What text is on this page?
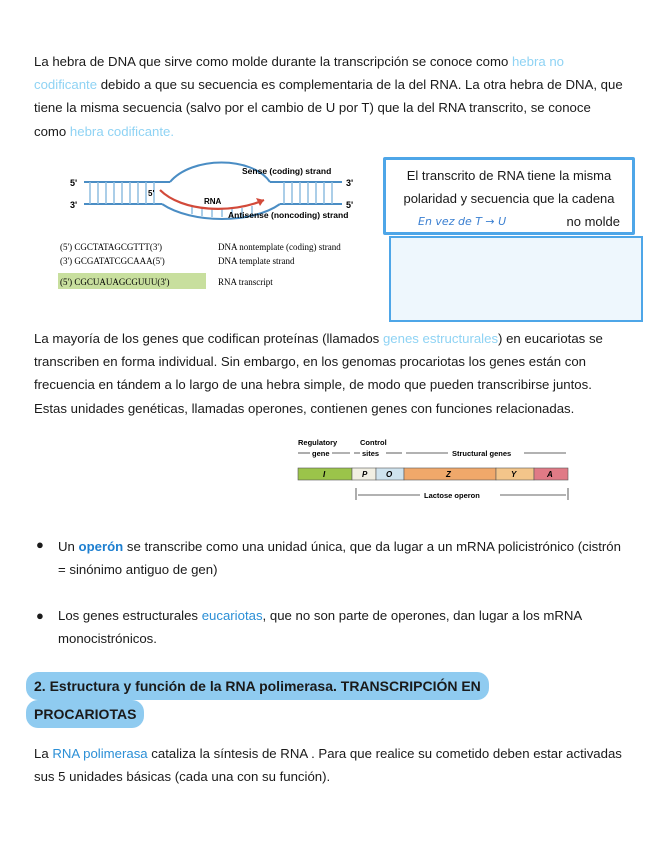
La hebra de DNA que sirve como molde durante la transcripción se conoce como hebra no codificante debido a que su secuencia es complementaria de la del RNA. La otra hebra de DNA, que tiene la misma secuencia (salvo por el cambio de U por T) que la del RNA transcrito, se conoce como hebra codificante.
5'
3'
3'
5'
5'
RNA
Sense (coding) strand
Antisense (noncoding) strand
(5') CGCTATAGCGTTT(3')	DNA nontemplate (coding) strand
(3') GCGATATCGCAAA(5')	DNA template strand
(5') CGCUAUAGCGUUU(3')	RNA transcript
El transcrito de RNA tiene la misma
polaridad y secuencia que la cadena
En vez de T → U	no molde
La mayoría de los genes que codifican proteínas (llamados genes estructurales) en eucariotas se transcriben en forma individual. Sin embargo, en los genomas procariotas los genes están con frecuencia en tándem a lo largo de una hebra simple, de modo que pueden transcribirse juntos. Estas unidades genéticas, llamadas operones, contienen genes con funciones relacionadas.
Regulatory
gene
Control
sites	Structural genes
I	P O	Z	Y	A
Lactose operon
● Un operón se transcribe como una unidad única, que da lugar a un mRNA policistrónico (cistrón = sinónimo antiguo de gen)
● Los genes estructurales eucariotas, que no son parte de operones, dan lugar a los mRNA monocistrónicos.
2. Estructura y función de la RNA polimerasa. TRANSCRIPCIÓN EN
PROCARIOTAS
La RNA polimerasa cataliza la síntesis de RNA . Para que realice su cometido deben estar activadas sus 5 unidades básicas (cada una con su función).
